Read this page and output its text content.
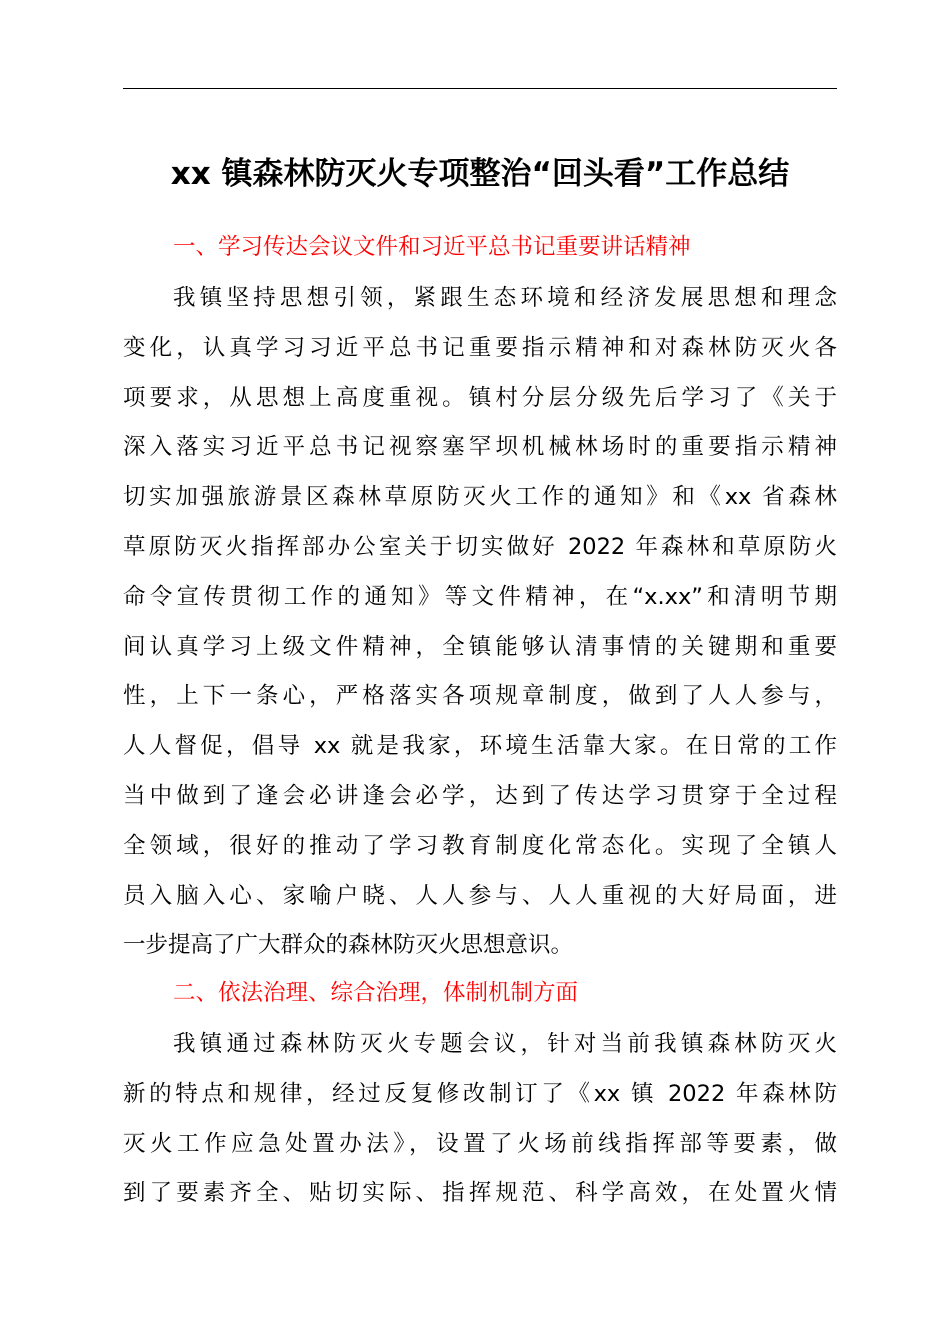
xx 镇森林防灭火专项整治“回头看”工作总结
一、学习传达会议文件和习近平总书记重要讲话精神
我镇坚持思想引领，紧跟生态环境和经济发展思想和理念
变化，认真学习习近平总书记重要指示精神和对森林防灭火各
项要求，从思想上高度重视。镇村分层分级先后学习了《关于
深入落实习近平总书记视察塞罕坝机械林场时的重要指示精神
切实加强旅游景区森林草原防灭火工作的通知》和《xx 省森林
草原防灭火指挥部办公室关于切实做好 2022 年森林和草原防火
命令宣传贯彻工作的通知》等文件精神，在“x.xx”和清明节期
间认真学习上级文件精神，全镇能够认清事情的关键期和重要
性，上下一条心，严格落实各项规章制度，做到了人人参与，
人人督促，倡导 xx 就是我家，环境生活靠大家。在日常的工作
当中做到了逢会必讲逢会必学，达到了传达学习贯穿于全过程
全领域，很好的推动了学习教育制度化常态化。实现了全镇人
员入脑入心、家喻户晓、人人参与、人人重视的大好局面，进
一步提高了广大群众的森林防灭火思想意识。
二、依法治理、综合治理，体制机制方面
我镇通过森林防灭火专题会议，针对当前我镇森林防灭火
新的特点和规律，经过反复修改制订了《xx 镇 2022 年森林防
灭火工作应急处置办法》，设置了火场前线指挥部等要素，做
到了要素齐全、贴切实际、指挥规范、科学高效，在处置火情
